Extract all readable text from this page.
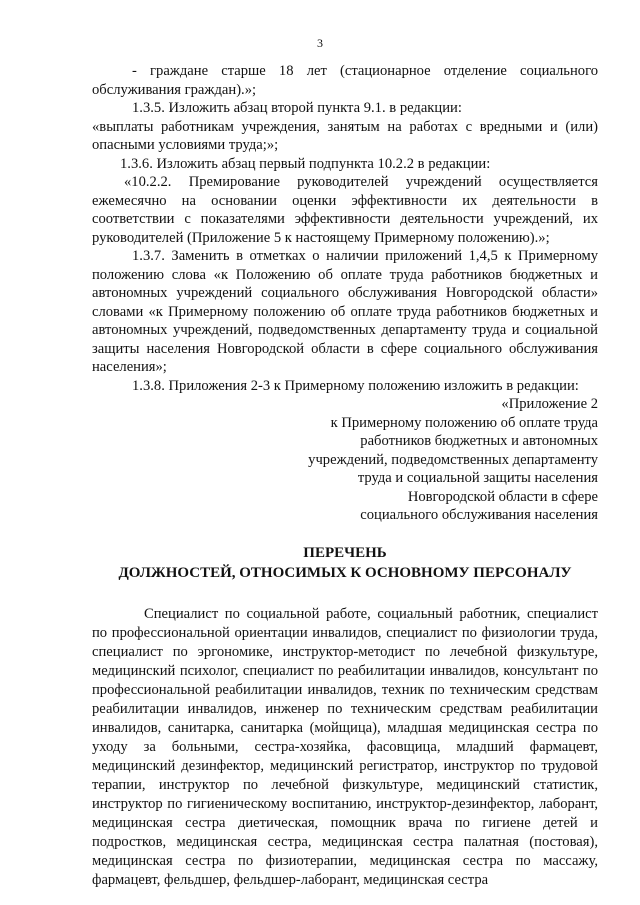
3

- граждане старше 18 лет (стационарное отделение социального обслуживания граждан).»;

1.3.5. Изложить абзац второй пункта 9.1. в редакции:

«выплаты работникам учреждения, занятым на работах с вредными и (или) опасными условиями труда;»;

1.3.6. Изложить абзац первый подпункта 10.2.2 в редакции:

«10.2.2. Премирование руководителей учреждений осуществляется ежемесячно на основании оценки эффективности их деятельности в соответствии с показателями эффективности деятельности учреждений, их руководителей (Приложение 5 к настоящему Примерному положению).»;

1.3.7. Заменить в отметках о наличии приложений 1,4,5 к Примерному положению слова «к Положению об оплате труда работников бюджетных и автономных учреждений социального обслуживания Новгородской области» словами «к Примерному положению об оплате труда работников бюджетных и автономных учреждений, подведомственных департаменту труда и социальной защиты населения Новгородской области в сфере социального обслуживания населения»;

1.3.8. Приложения 2-3 к Примерному положению изложить в редакции:

«Приложение 2

к Примерному положению об оплате труда

работников бюджетных и автономных

учреждений, подведомственных департаменту

труда и социальной защиты населения

Новгородской области в сфере

социального обслуживания населения

ПЕРЕЧЕНЬ
ДОЛЖНОСТЕЙ, ОТНОСИМЫХ К ОСНОВНОМУ ПЕРСОНАЛУ

Специалист по социальной работе, социальный работник, специалист по профессиональной ориентации инвалидов, специалист по физиологии труда, специалист по эргономике, инструктор-методист по лечебной физкультуре, медицинский психолог, специалист по реабилитации инвалидов, консультант по профессиональной реабилитации инвалидов, техник по техническим средствам реабилитации инвалидов, инженер по техническим средствам реабилитации инвалидов, санитарка, санитарка (мойщица), младшая медицинская сестра по уходу за больными, сестра-хозяйка, фасовщица, младший фармацевт, медицинский дезинфектор, медицинский регистратор, инструктор по трудовой терапии, инструктор по лечебной физкультуре, медицинский статистик, инструктор по гигиеническому воспитанию, инструктор-дезинфектор, лаборант, медицинская сестра диетическая, помощник врача по гигиене детей и подростков, медицинская сестра, медицинская сестра палатная (постовая), медицинская сестра по физиотерапии, медицинская сестра по массажу, фармацевт, фельдшер, фельдшер-лаборант, медицинская сестра
